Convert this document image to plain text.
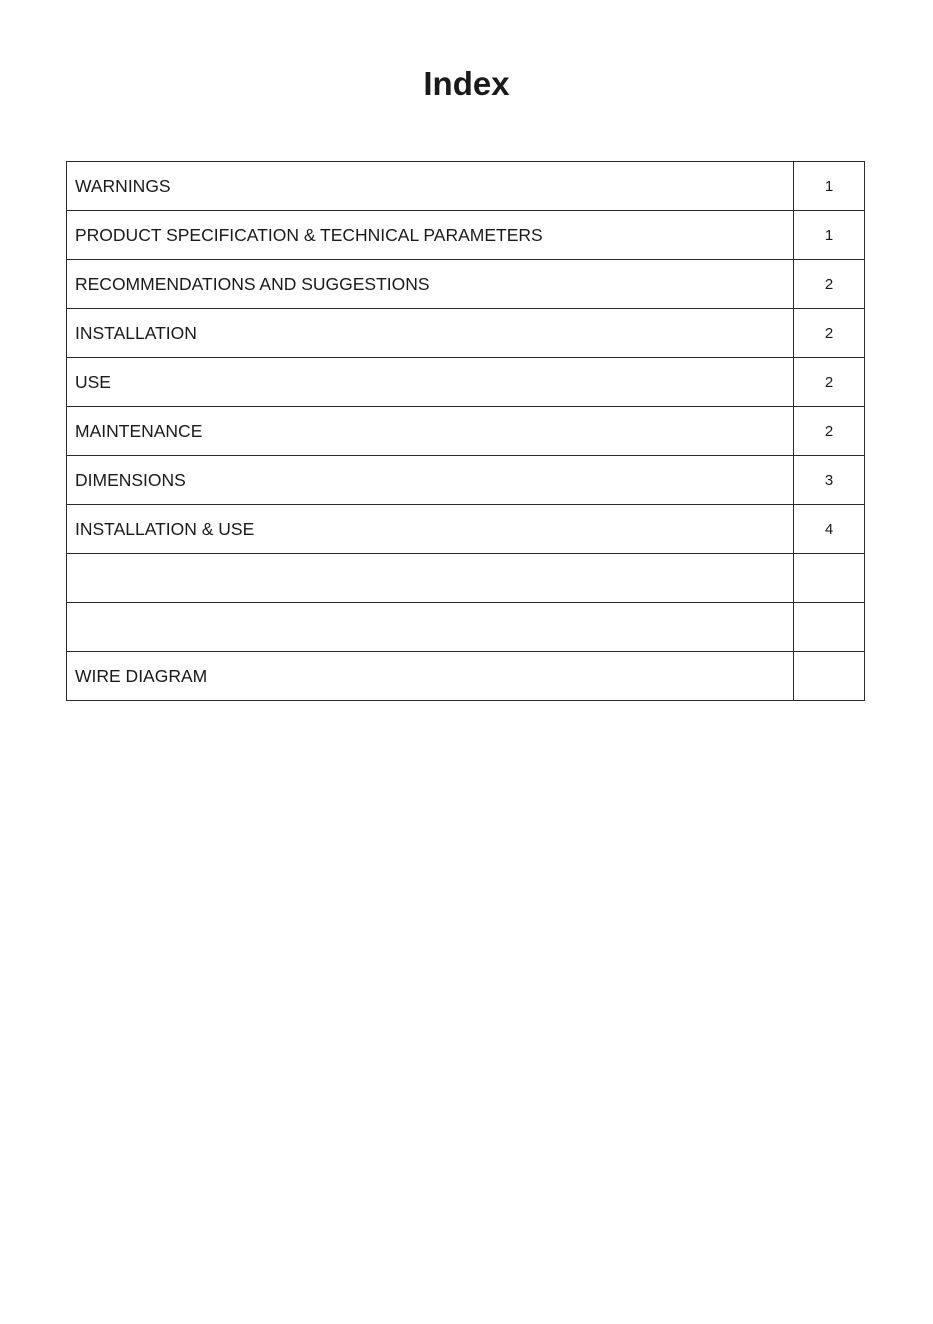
Index
WARNINGS	1
PRODUCT SPECIFICATION & TECHNICAL PARAMETERS	1
RECOMMENDATIONS AND SUGGESTIONS	2
INSTALLATION	2
USE	2
MAINTENANCE	2
DIMENSIONS	3
INSTALLATION & USE	4

WIRE DIAGRAM	
